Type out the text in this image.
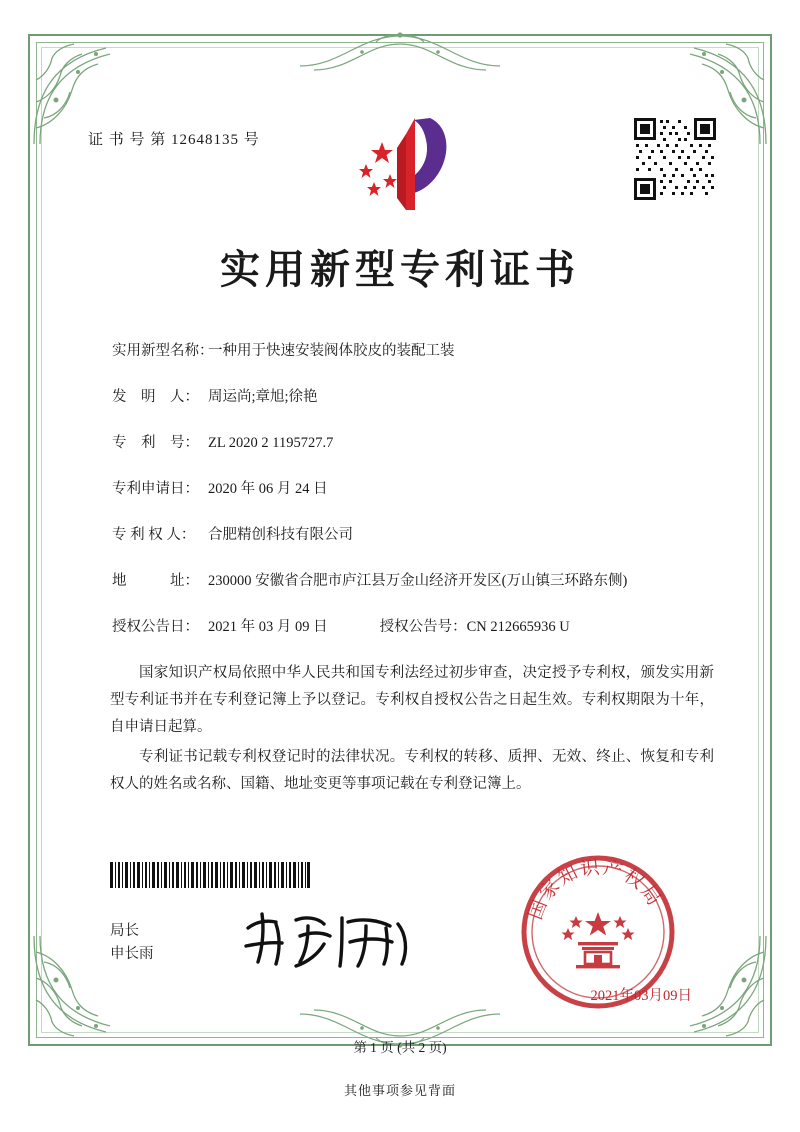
证 书 号 第 12648135 号
实用新型专利证书
实用新型名称：
一种用于快速安装阀体胶皮的装配工装
发　明　人： 周运尚;章旭;徐艳
专　利　号： ZL 2020 2 1195727.7
专利申请日： 2020 年 06 月 24 日
专 利 权 人： 合肥精创科技有限公司
地　　　址： 230000 安徽省合肥市庐江县万金山经济开发区(万山镇三环路东侧)
授权公告日： 2021 年 03 月 09 日	授权公告号： CN 212665936 U

国家知识产权局依照中华人民共和国专利法经过初步审查，决定授予专利权，颁发实用新型专利证书并在专利登记簿上予以登记。专利权自授权公告之日起生效。专利权期限为十年，自申请日起算。

专利证书记载专利权登记时的法律状况。专利权的转移、质押、无效、终止、恢复和专利权人的姓名或名称、国籍、地址变更等事项记载在专利登记簿上。

局长
申长雨
国家知识产权局
2021年03月09日
第 1 页 (共 2 页)
其他事项参见背面
